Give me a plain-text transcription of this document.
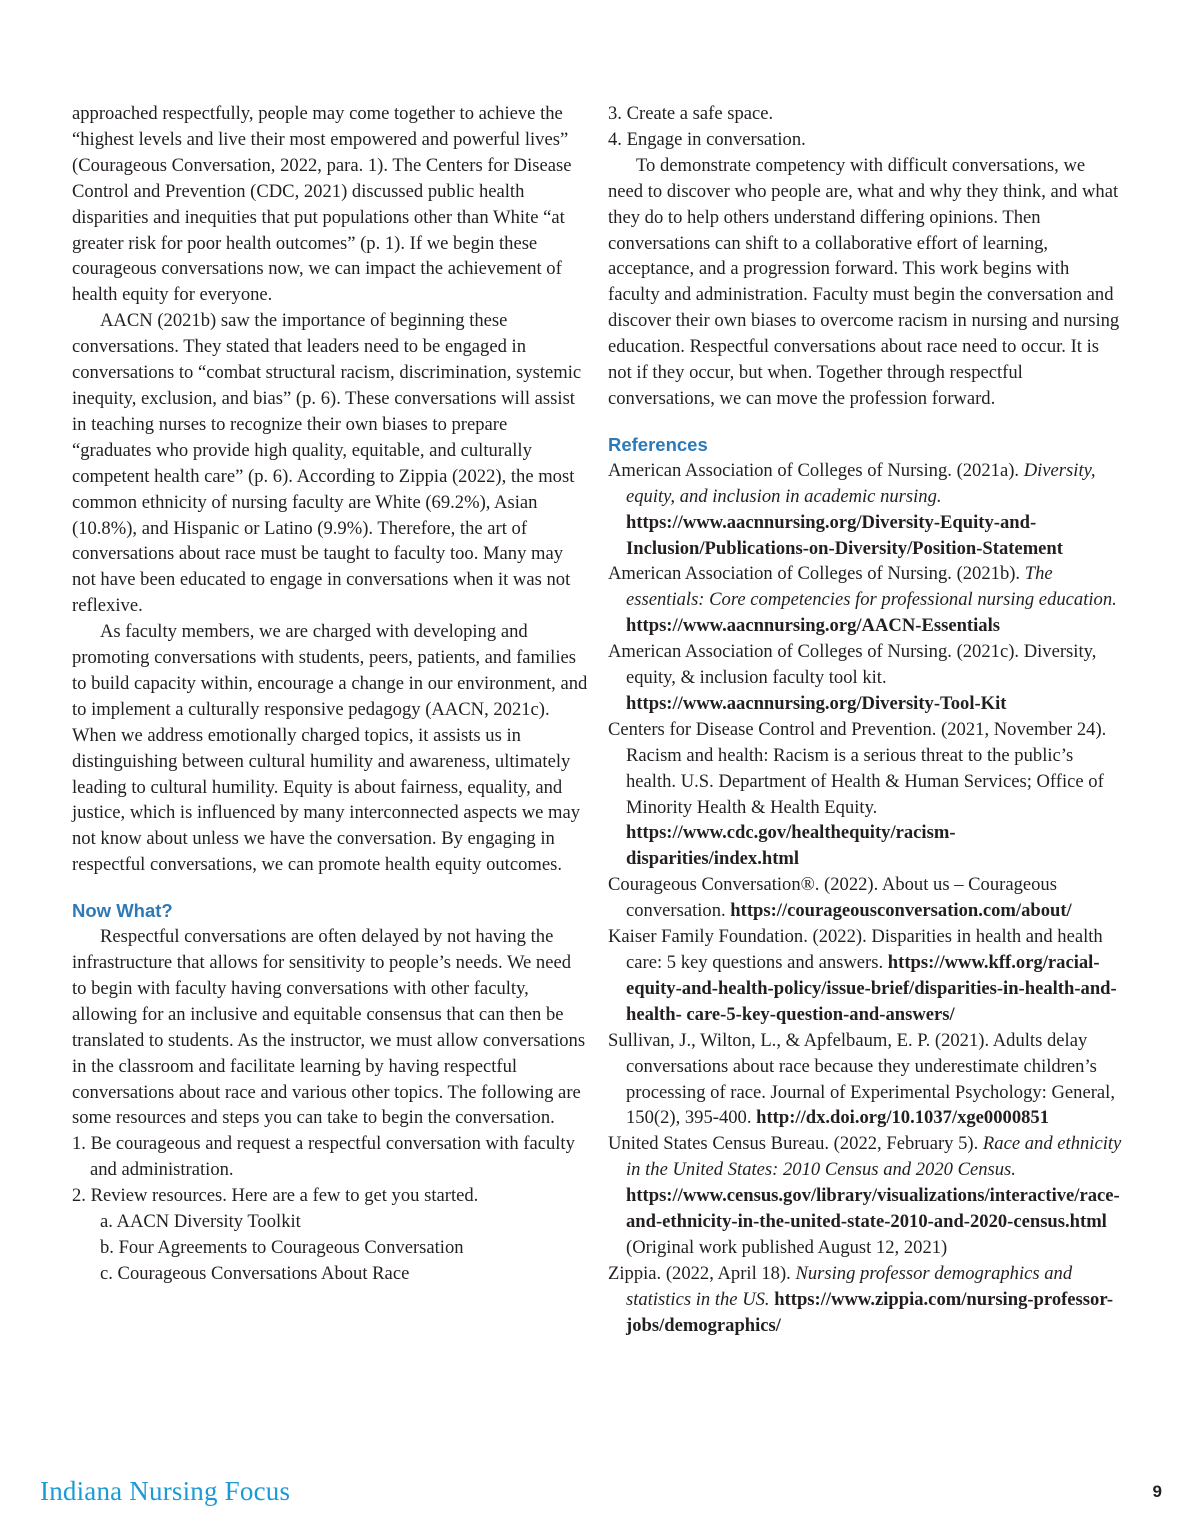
approached respectfully, people may come together to achieve the “highest levels and live their most empowered and powerful lives” (Courageous Conversation, 2022, para. 1). The Centers for Disease Control and Prevention (CDC, 2021) discussed public health disparities and inequities that put populations other than White “at greater risk for poor health outcomes” (p. 1). If we begin these courageous conversations now, we can impact the achievement of health equity for everyone.

AACN (2021b) saw the importance of beginning these conversations. They stated that leaders need to be engaged in conversations to “combat structural racism, discrimination, systemic inequity, exclusion, and bias” (p. 6). These conversations will assist in teaching nurses to recognize their own biases to prepare “graduates who provide high quality, equitable, and culturally competent health care” (p. 6). According to Zippia (2022), the most common ethnicity of nursing faculty are White (69.2%), Asian (10.8%), and Hispanic or Latino (9.9%). Therefore, the art of conversations about race must be taught to faculty too. Many may not have been educated to engage in conversations when it was not reflexive.

As faculty members, we are charged with developing and promoting conversations with students, peers, patients, and families to build capacity within, encourage a change in our environment, and to implement a culturally responsive pedagogy (AACN, 2021c). When we address emotionally charged topics, it assists us in distinguishing between cultural humility and awareness, ultimately leading to cultural humility. Equity is about fairness, equality, and justice, which is influenced by many interconnected aspects we may not know about unless we have the conversation. By engaging in respectful conversations, we can promote health equity outcomes.

Now What?

Respectful conversations are often delayed by not having the infrastructure that allows for sensitivity to people’s needs. We need to begin with faculty having conversations with other faculty, allowing for an inclusive and equitable consensus that can then be translated to students. As the instructor, we must allow conversations in the classroom and facilitate learning by having respectful conversations about race and various other topics. The following are some resources and steps you can take to begin the conversation.

1. Be courageous and request a respectful conversation with faculty and administration.
2. Review resources. Here are a few to get you started.
a. AACN Diversity Toolkit
b. Four Agreements to Courageous Conversation
c. Courageous Conversations About Race
3. Create a safe space.
4. Engage in conversation.

To demonstrate competency with difficult conversations, we need to discover who people are, what and why they think, and what they do to help others understand differing opinions. Then conversations can shift to a collaborative effort of learning, acceptance, and a progression forward. This work begins with faculty and administration. Faculty must begin the conversation and discover their own biases to overcome racism in nursing and nursing education. Respectful conversations about race need to occur. It is not if they occur, but when. Together through respectful conversations, we can move the profession forward.

References

American Association of Colleges of Nursing. (2021a). Diversity, equity, and inclusion in academic nursing. https://www.aacnnursing.org/Diversity-Equity-and-Inclusion/Publications-on-Diversity/Position-Statement

American Association of Colleges of Nursing. (2021b). The essentials: Core competencies for professional nursing education. https://www.aacnnursing.org/AACN-Essentials

American Association of Colleges of Nursing. (2021c). Diversity, equity, & inclusion faculty tool kit. https://www.aacnnursing.org/Diversity-Tool-Kit

Centers for Disease Control and Prevention. (2021, November 24). Racism and health: Racism is a serious threat to the public’s health. U.S. Department of Health & Human Services; Office of Minority Health & Health Equity. https://www.cdc.gov/healthequity/racism-disparities/index.html

Courageous Conversation®. (2022). About us – Courageous conversation. https://courageousconversation.com/about/

Kaiser Family Foundation. (2022). Disparities in health and health care: 5 key questions and answers. https://www.kff.org/racial-equity-and-health-policy/issue-brief/disparities-in-health-and-health- care-5-key-question-and-answers/

Sullivan, J., Wilton, L., & Apfelbaum, E. P. (2021). Adults delay conversations about race because they underestimate children’s processing of race. Journal of Experimental Psychology: General, 150(2), 395-400. http://dx.doi.org/10.1037/xge0000851

United States Census Bureau. (2022, February 5). Race and ethnicity in the United States: 2010 Census and 2020 Census. https://www.census.gov/library/visualizations/interactive/race-and-ethnicity-in-the-united-state-2010-and-2020-census.html (Original work published August 12, 2021)

Zippia. (2022, April 18). Nursing professor demographics and statistics in the US. https://www.zippia.com/nursing-professor-jobs/demographics/

Indiana Nursing Focus	9
